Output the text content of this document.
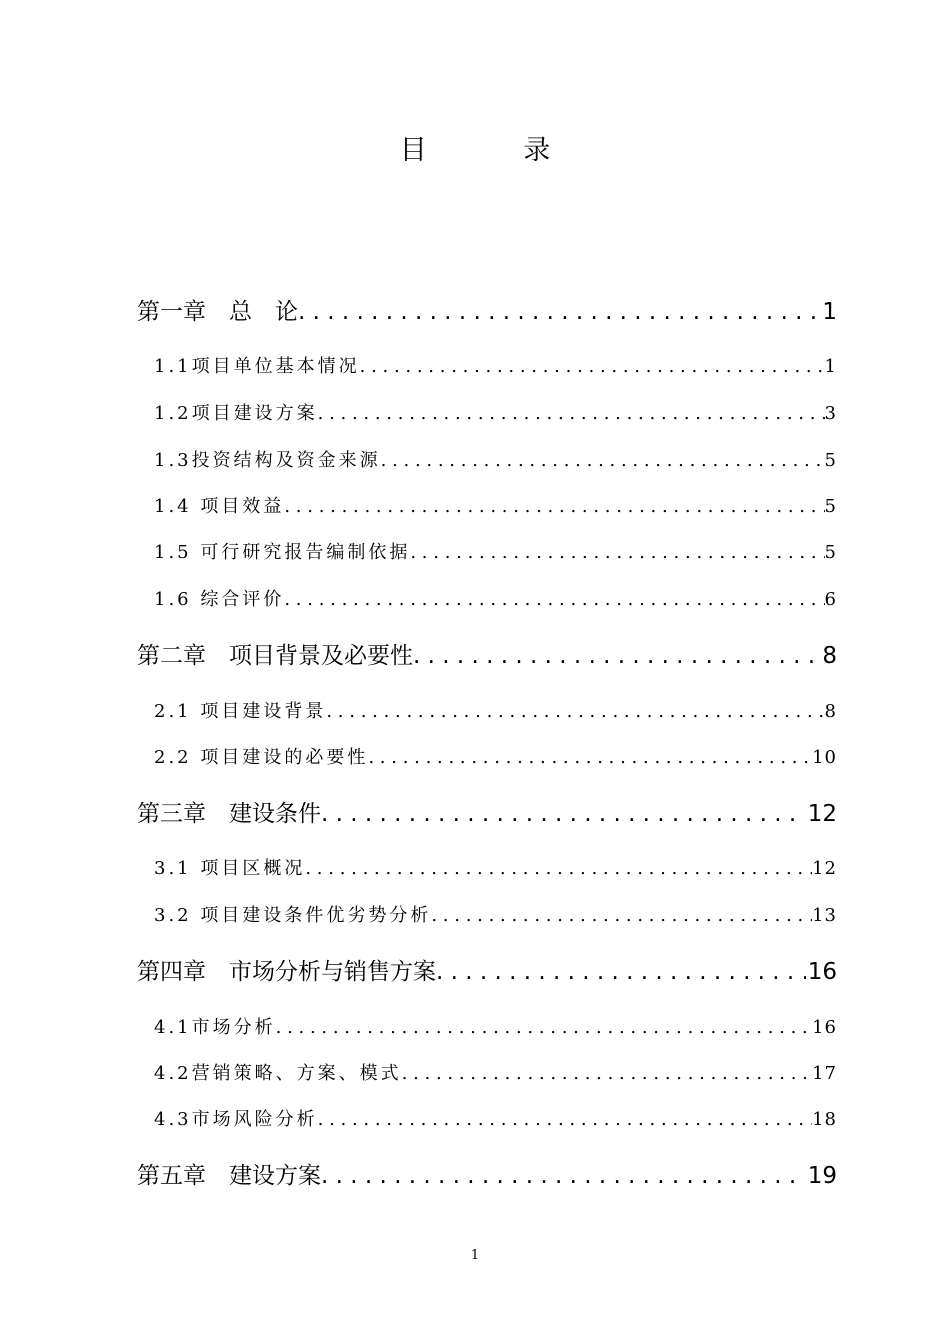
目 录
第一章 总 论 . . .	1
1.1项目单位基本情况 . . .	1
1.2项目建设方案 . . .	3
1.3投资结构及资金来源 . . .	5
1.4 项目效益 . . .	5
1.5 可行研究报告编制依据 . . .	5
1.6 综合评价 . . .	6
第二章 项目背景及必要性 . . .	8
2.1 项目建设背景 . . .	8
2.2 项目建设的必要性 . . .	10
第三章 建设条件 . . .	12
3.1 项目区概况 . . .	12
3.2 项目建设条件优劣势分析 . . .	13
第四章 市场分析与销售方案 . . .	16
4.1市场分析 . . .	16
4.2营销策略、方案、模式 . . .	17
4.3市场风险分析 . . .	18
第五章 建设方案 . . .	19
1
